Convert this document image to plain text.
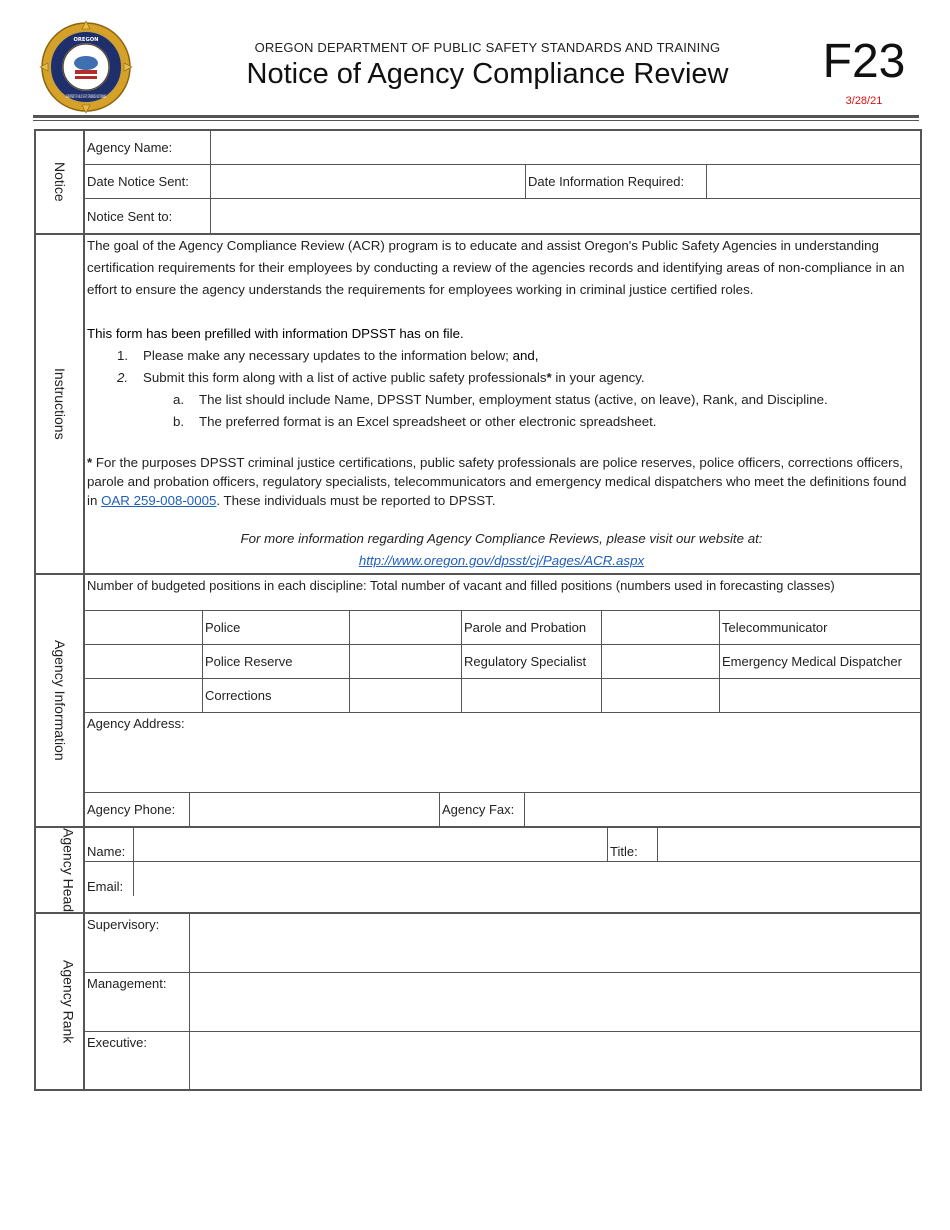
OREGON
DEPARTMENT OF PUBLIC SAFETY STANDARDS AND TRAINING
OREGON DEPARTMENT OF PUBLIC SAFETY STANDARDS AND TRAINING
Notice of Agency Compliance Review	F23
3/28/21
Notice
Agency Name:
Date Notice Sent:	Date Information Required:
Notice Sent to:
Instructions

The goal of the Agency Compliance Review (ACR) program is to educate and assist Oregon's Public Safety Agencies in understanding certification requirements for their employees by conducting a review of the agencies records and identifying areas of non-compliance in an effort to ensure the agency understands the requirements for employees working in criminal justice certified roles.

This form has been prefilled with information DPSST has on file.

1.	Please make any necessary updates to the information below; and,
2.	Submit this form along with a list of active public safety professionals* in your agency.
a.	The list should include Name, DPSST Number, employment status (active, on leave), Rank, and Discipline.
b.	The preferred format is an Excel spreadsheet or other electronic spreadsheet.

* For the purposes DPSST criminal justice certifications, public safety professionals are police reserves, police officers, corrections officers, parole and probation officers, regulatory specialists, telecommunicators and emergency medical dispatchers who meet the definitions found in OAR 259-008-0005. These individuals must be reported to DPSST.

For more information regarding Agency Compliance Reviews, please visit our website at:

http://www.oregon.gov/dpsst/cj/Pages/ACR.aspx

Agency Information
Number of budgeted positions in each discipline: Total number of vacant and filled positions (numbers used in forecasting classes)
Police	Parole and Probation	Telecommunicator
Police Reserve	Regulatory Specialist	Emergency Medical Dispatcher
Corrections
Agency Address:
Agency Phone:	Agency Fax:
Agency Head Name:	Title:
Email:
Agency Rank
Supervisory:
Management:
Executive:
